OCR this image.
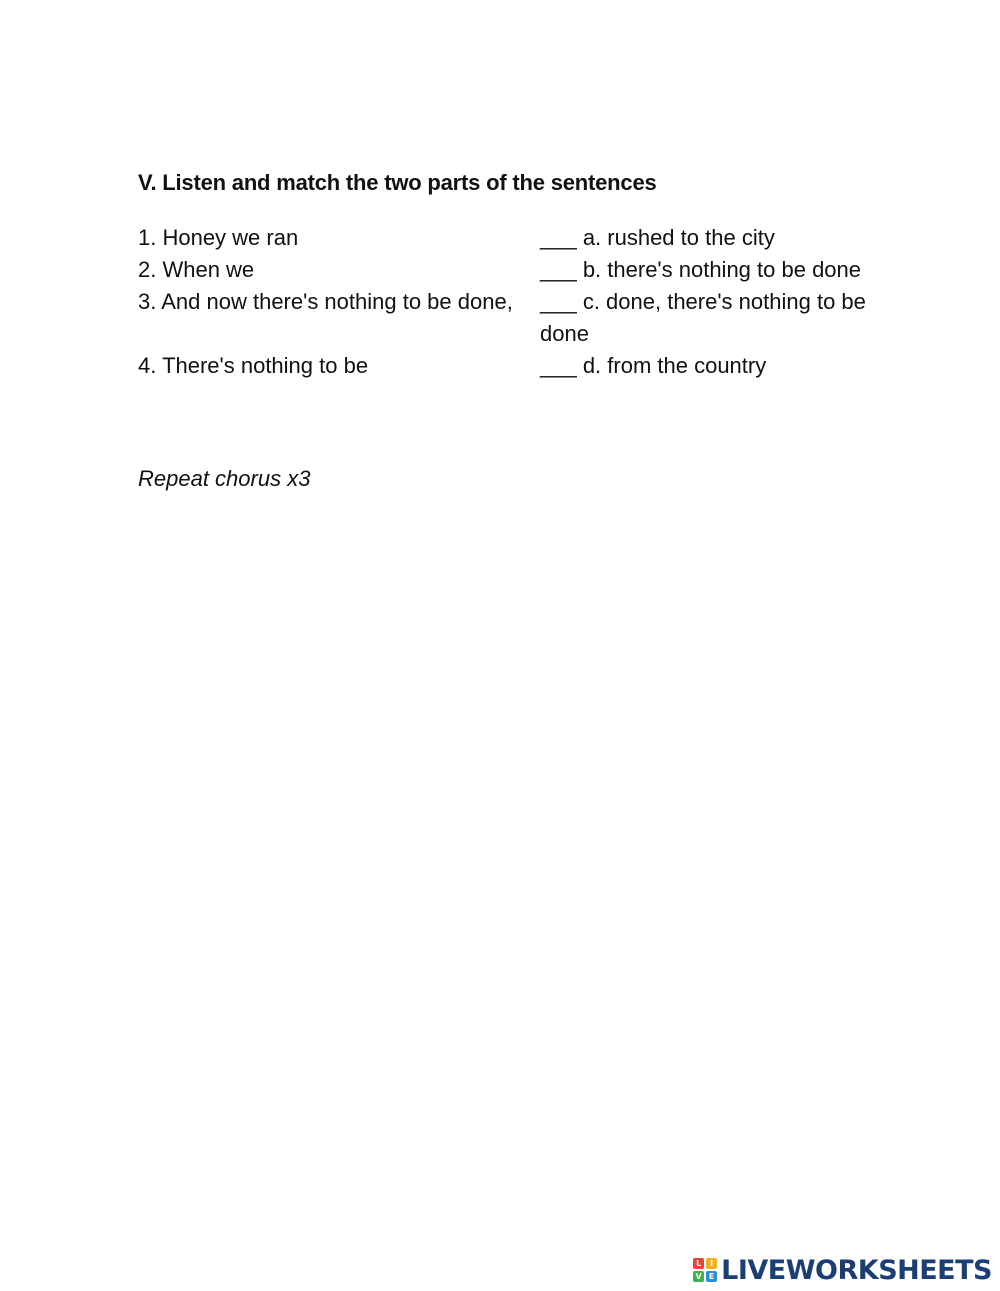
V. Listen and match the two parts of the sentences
1. Honey we ran	___ a. rushed to the city
2. When we	___ b. there's nothing to be done
3. And now there's nothing to be done,	___ c. done, there's nothing to be done
4. There's nothing to be	___ d. from the country
Repeat chorus x3
L	I
V E LIVEWORKSHEETS
